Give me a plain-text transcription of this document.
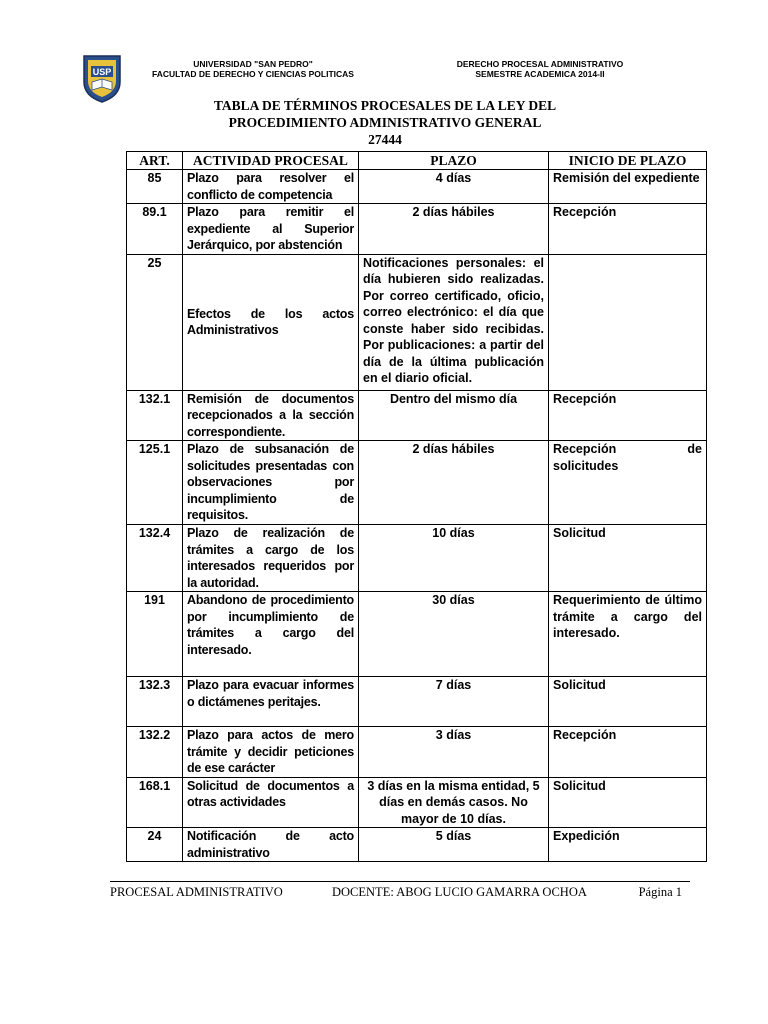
USP
UNIVERSIDAD "SAN PEDRO"
FACULTAD DE DERECHO Y CIENCIAS POLITICAS
DERECHO PROCESAL ADMINISTRATIVO
SEMESTRE ACADEMICA 2014-II
TABLA DE TÉRMINOS PROCESALES DE LA LEY DEL
PROCEDIMIENTO ADMINISTRATIVO GENERAL
27444
ART.	ACTIVIDAD PROCESAL	PLAZO	INICIO DE PLAZO
85	Plazo para resolver el conflicto de competencia	4 días	Remisión del expediente
89.1	Plazo para remitir el expediente al Superior Jerárquico, por abstención	2 días hábiles	Recepción
25	Efectos de los actos Administrativos	Notificaciones personales: el día hubieren sido realizadas. Por correo certificado, oficio, correo electrónico: el día que conste haber sido recibidas. Por publicaciones: a partir del día de la última publicación en el diario oficial.	
132.1	Remisión de documentos recepcionados a la sección correspondiente.	Dentro del mismo día	Recepción
125.1	Plazo de subsanación de solicitudes presentadas con observaciones por incumplimiento de requisitos.	2 días hábiles	Recepción de solicitudes
132.4	Plazo de realización de trámites a cargo de los interesados requeridos por la autoridad.	10 días	Solicitud
191	Abandono de procedimiento por incumplimiento de trámites a cargo del interesado.	30 días	Requerimiento de último trámite a cargo del interesado.
132.3	Plazo para evacuar informes o dictámenes peritajes.	7 días	Solicitud
132.2	Plazo para actos de mero trámite y decidir peticiones de ese carácter	3 días	Recepción
168.1	Solicitud de documentos a otras actividades	3 días en la misma entidad, 5 días en demás casos. No mayor de 10 días.	Solicitud
24	Notificación de acto administrativo	5 días	Expedición
PROCESAL ADMINISTRATIVO	DOCENTE: ABOG LUCIO GAMARRA OCHOA	Página 1
